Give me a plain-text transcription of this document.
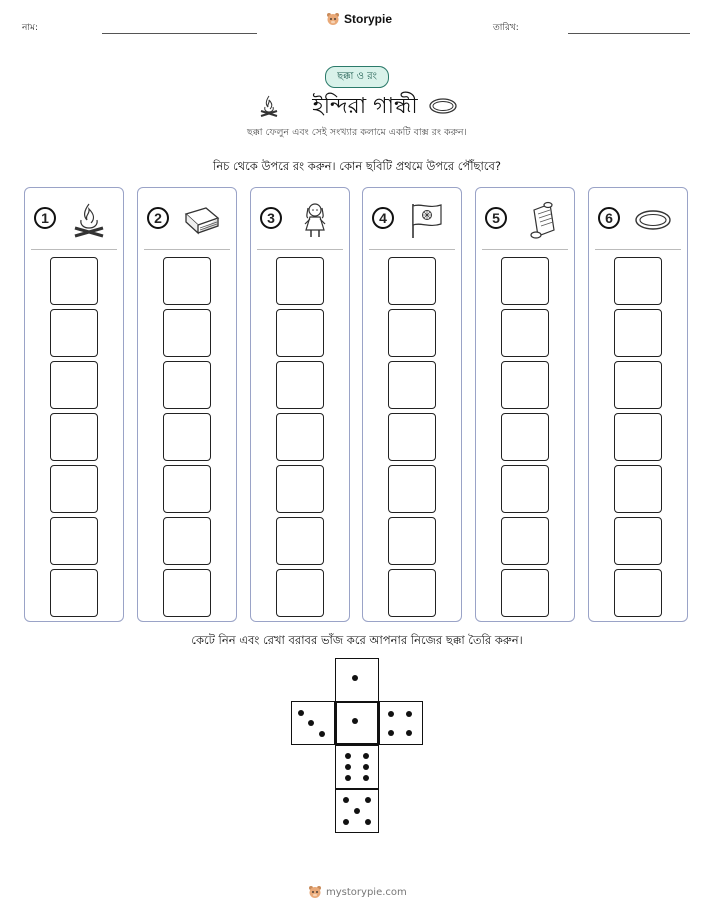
নাম:
Storypie
তারিখ:
ছক্কা ও রং
ইন্দিরা গান্ধী
ছক্কা ফেলুন এবং সেই সংখ্যার কলামে একটি বাক্স রং করুন।
নিচ থেকে উপরে রং করুন। কোন ছবিটি প্রথমে উপরে পৌঁছাবে?
1	2	3	4	5	6
কেটে নিন এবং রেখা বরাবর ভাঁজ করে আপনার নিজের ছক্কা তৈরি করুন।
mystorypie.com
